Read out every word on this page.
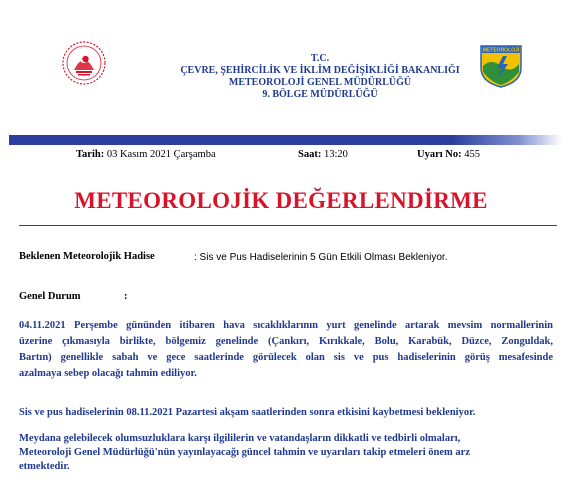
T.C.
ÇEVRE, ŞEHİRCİLİK VE İKLİM DEĞİŞİKLİĞİ BAKANLIĞI
METEOROLOJİ GENEL MÜDÜRLÜĞÜ
9. BÖLGE MÜDÜRLÜĞÜ
METEOROLOJİ
Tarih: 03 Kasım 2021 Çarşamba	Saat: 13:20	Uyarı No: 455
METEOROLOJİK DEĞERLENDİRME
Beklenen Meteorolojik Hadise	: Sis ve Pus Hadiselerinin 5 Gün Etkili Olması Bekleniyor.
Genel Durum	:
04.11.2021 Perşembe gününden itibaren hava sıcaklıklarının yurt genelinde artarak mevsim normallerinin
üzerine çıkmasıyla birlikte, bölgemiz genelinde (Çankırı, Kırıkkale, Bolu, Karabük, Düzce, Zonguldak,
Bartın) genellikle sabah ve gece saatlerinde görülecek olan sis ve pus hadiselerinin görüş mesafesinde
azalmaya sebep olacağı tahmin ediliyor.
Sis ve pus hadiselerinin 08.11.2021 Pazartesi akşam saatlerinden sonra etkisini kaybetmesi bekleniyor.
Meydana gelebilecek olumsuzluklara karşı ilgililerin ve vatandaşların dikkatli ve tedbirli olmaları,
Meteoroloji Genel Müdürlüğü'nün yayınlayacağı güncel tahmin ve uyarıları takip etmeleri önem arz
etmektedir.
